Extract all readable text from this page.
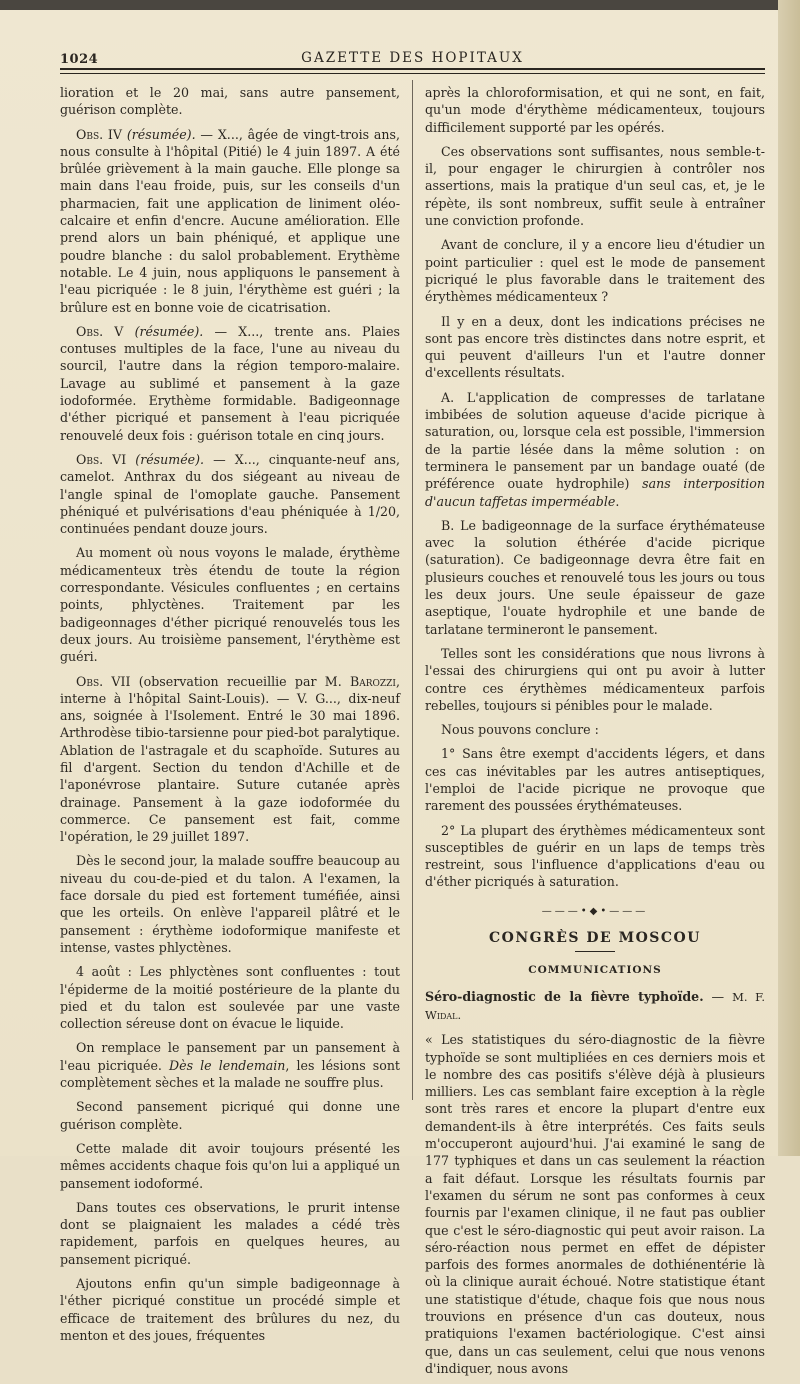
1024	GAZETTE DES HOPITAUX

lioration et le 20 mai, sans autre pansement, guérison complète.

Obs. IV (résumée). — X..., âgée de vingt-trois ans, nous consulte à l'hôpital (Pitié) le 4 juin 1897. A été brûlée grièvement à la main gauche. Elle plonge sa main dans l'eau froide, puis, sur les conseils d'un pharmacien, fait une application de liniment oléo-calcaire et enfin d'encre. Aucune amélioration. Elle prend alors un bain phéniqué, et applique une poudre blanche : du salol probablement. Erythème notable. Le 4 juin, nous appliquons le pansement à l'eau picriquée : le 8 juin, l'érythème est guéri ; la brûlure est en bonne voie de cicatrisation.

Obs. V (résumée). — X..., trente ans. Plaies contuses multiples de la face, l'une au niveau du sourcil, l'autre dans la région temporo-malaire. Lavage au sublimé et pansement à la gaze iodoformée. Erythème formidable. Badigeonnage d'éther picriqué et pansement à l'eau picriquée renouvelé deux fois : guérison totale en cinq jours.

Obs. VI (résumée). — X..., cinquante-neuf ans, camelot. Anthrax du dos siégeant au niveau de l'angle spinal de l'omoplate gauche. Pansement phéniqué et pulvérisations d'eau phéniquée à 1/20, continuées pendant douze jours.

Au moment où nous voyons le malade, érythème médicamenteux très étendu de toute la région correspondante. Vésicules confluentes ; en certains points, phlyctènes. Traitement par les badigeonnages d'éther picriqué renouvelés tous les deux jours. Au troisième pansement, l'érythème est guéri.

Obs. VII (observation recueillie par M. Barozzi, interne à l'hôpital Saint-Louis). — V. G..., dix-neuf ans, soignée à l'Isolement. Entré le 30 mai 1896. Arthrodèse tibio-tarsienne pour pied-bot paralytique. Ablation de l'astragale et du scaphoïde. Sutures au fil d'argent. Section du tendon d'Achille et de l'aponévrose plantaire. Suture cutanée après drainage. Pansement à la gaze iodoformée du commerce. Ce pansement est fait, comme l'opération, le 29 juillet 1897.

Dès le second jour, la malade souffre beaucoup au niveau du cou-de-pied et du talon. A l'examen, la face dorsale du pied est fortement tuméfiée, ainsi que les orteils. On enlève l'appareil plâtré et le pansement : érythème iodoformique manifeste et intense, vastes phlyctènes.

4 août : Les phlyctènes sont confluentes : tout l'épiderme de la moitié postérieure de la plante du pied et du talon est soulevée par une vaste collection séreuse dont on évacue le liquide.

On remplace le pansement par un pansement à l'eau picriquée. Dès le lendemain, les lésions sont complètement sèches et la malade ne souffre plus.

Second pansement picriqué qui donne une guérison complète.

Cette malade dit avoir toujours présenté les mêmes accidents chaque fois qu'on lui a appliqué un pansement iodoformé.

Dans toutes ces observations, le prurit intense dont se plaignaient les malades a cédé très rapidement, parfois en quelques heures, au pansement picriqué.

Ajoutons enfin qu'un simple badigeonnage à l'éther picriqué constitue un procédé simple et efficace de traitement des brûlures du nez, du menton et des joues, fréquentes

après la chloroformisation, et qui ne sont, en fait, qu'un mode d'érythème médicamenteux, toujours difficilement supporté par les opérés.

Ces observations sont suffisantes, nous semble-t-il, pour engager le chirurgien à contrôler nos assertions, mais la pratique d'un seul cas, et, je le répète, ils sont nombreux, suffit seule à entraîner une conviction profonde.

Avant de conclure, il y a encore lieu d'étudier un point particulier : quel est le mode de pansement picriqué le plus favorable dans le traitement des érythèmes médicamenteux ?

Il y en a deux, dont les indications précises ne sont pas encore très distinctes dans notre esprit, et qui peuvent d'ailleurs l'un et l'autre donner d'excellents résultats.

A. L'application de compresses de tarlatane imbibées de solution aqueuse d'acide picrique à saturation, ou, lorsque cela est possible, l'immersion de la partie lésée dans la même solution : on terminera le pansement par un bandage ouaté (de préférence ouate hydrophile) sans interposition d'aucun taffetas imperméable.

B. Le badigeonnage de la surface érythémateuse avec la solution éthérée d'acide picrique (saturation). Ce badigeonnage devra être fait en plusieurs couches et renouvelé tous les jours ou tous les deux jours. Une seule épaisseur de gaze aseptique, l'ouate hydrophile et une bande de tarlatane termineront le pansement.

Telles sont les considérations que nous livrons à l'essai des chirurgiens qui ont pu avoir à lutter contre ces érythèmes médicamenteux parfois rebelles, toujours si pénibles pour le malade.

Nous pouvons conclure :

1° Sans être exempt d'accidents légers, et dans ces cas inévitables par les autres antiseptiques, l'emploi de l'acide picrique ne provoque que rarement des poussées érythémateuses.

2° La plupart des érythèmes médicamenteux sont susceptibles de guérir en un laps de temps très restreint, sous l'influence d'applications d'eau ou d'éther picriqués à saturation.

———•◆•———
CONGRÈS DE MOSCOU
COMMUNICATIONS

Séro-diagnostic de la fièvre typhoïde. — M. F. Widal.

« Les statistiques du séro-diagnostic de la fièvre typhoïde se sont multipliées en ces derniers mois et le nombre des cas positifs s'élève déjà à plusieurs milliers. Les cas semblant faire exception à la règle sont très rares et encore la plupart d'entre eux demandent-ils à être interprétés. Ces faits seuls m'occuperont aujourd'hui. J'ai examiné le sang de 177 typhiques et dans un cas seulement la réaction a fait défaut. Lorsque les résultats fournis par l'examen du sérum ne sont pas conformes à ceux fournis par l'examen clinique, il ne faut pas oublier que c'est le séro-diagnostic qui peut avoir raison. La séro-réaction nous permet en effet de dépister parfois des formes anormales de dothiénentérie là où la clinique aurait échoué. Notre statistique étant une statistique d'étude, chaque fois que nous nous trouvions en présence d'un cas douteux, nous pratiquions l'examen bactériologique. C'est ainsi que, dans un cas seulement, celui que nous venons d'indiquer, nous avons
